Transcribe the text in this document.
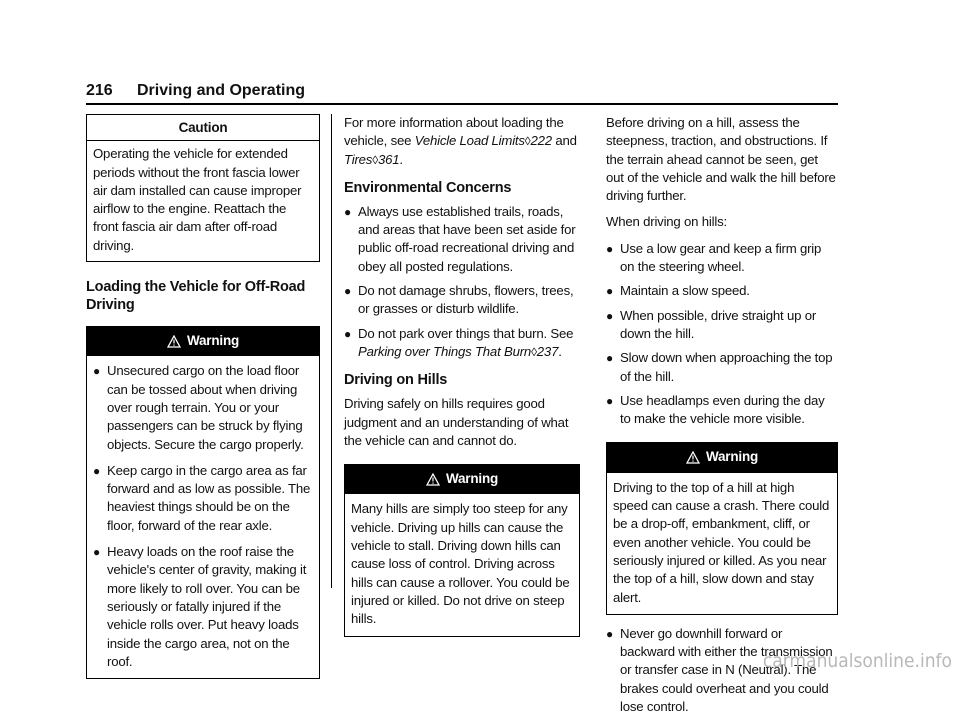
216 Driving and Operating
Caution
Operating the vehicle for extended periods without the front fascia lower air dam installed can cause improper airflow to the engine. Reattach the front fascia air dam after off-road driving.
Loading the Vehicle for Off-Road Driving
Warning
● Unsecured cargo on the load floor can be tossed about when driving over rough terrain. You or your passengers can be struck by flying objects. Secure the cargo properly.
● Keep cargo in the cargo area as far forward and as low as possible. The heaviest things should be on the floor, forward of the rear axle.
● Heavy loads on the roof raise the vehicle's center of gravity, making it more likely to roll over. You can be seriously or fatally injured if the vehicle rolls over. Put heavy loads inside the cargo area, not on the roof.

For more information about loading the vehicle, see Vehicle Load Limits◊222 and Tires◊361.

Environmental Concerns
● Always use established trails, roads, and areas that have been set aside for public off-road recreational driving and obey all posted regulations.
● Do not damage shrubs, flowers, trees, or grasses or disturb wildlife.
● Do not park over things that burn. See Parking over Things That Burn◊237.
Driving on Hills

Driving safely on hills requires good judgment and an understanding of what the vehicle can and cannot do.

Warning
Many hills are simply too steep for any vehicle. Driving up hills can cause the vehicle to stall. Driving down hills can cause loss of control. Driving across hills can cause a rollover. You could be injured or killed. Do not drive on steep hills.

Before driving on a hill, assess the steepness, traction, and obstructions. If the terrain ahead cannot be seen, get out of the vehicle and walk the hill before driving further.

When driving on hills:

● Use a low gear and keep a firm grip on the steering wheel.
● Maintain a slow speed.
● When possible, drive straight up or down the hill.
● Slow down when approaching the top of the hill.
● Use headlamps even during the day to make the vehicle more visible.
Warning
Driving to the top of a hill at high speed can cause a crash. There could be a drop-off, embankment, cliff, or even another vehicle. You could be seriously injured or killed. As you near the top of a hill, slow down and stay alert.
● Never go downhill forward or backward with either the transmission or transfer case in N (Neutral). The brakes could overheat and you could lose control.
carmanualsonline.info
